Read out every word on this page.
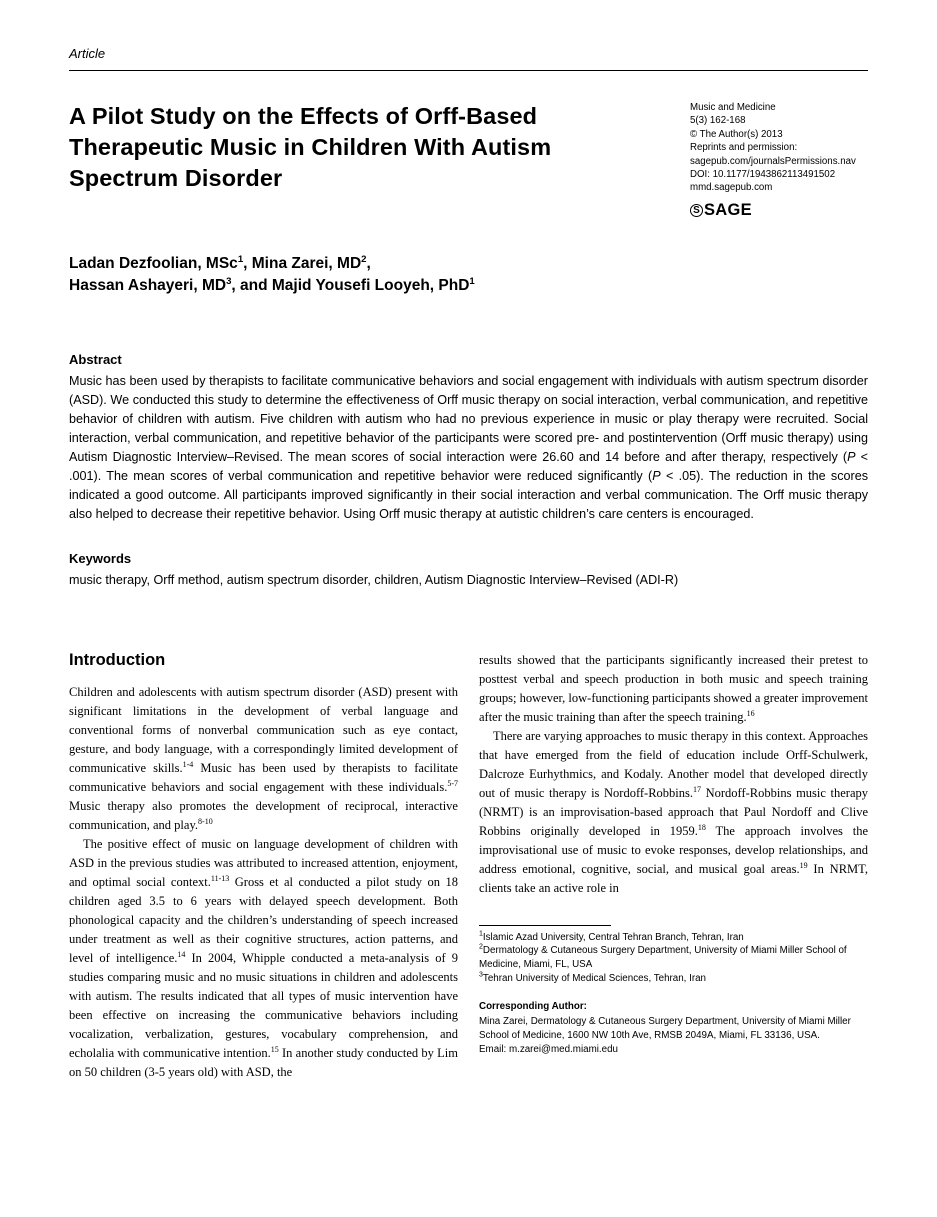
Article
A Pilot Study on the Effects of Orff-Based
Therapeutic Music in Children With Autism
Spectrum Disorder
Music and Medicine
5(3) 162-168
© The Author(s) 2013
Reprints and permission:
sagepub.com/journalsPermissions.nav
DOI: 10.1177/1943862113491502
mmd.sagepub.com
S SAGE
Ladan Dezfoolian, MSc$^1$, Mina Zarei, $MD^2$,
Hassan Ashayeri, $MD^3$, and Majid Yousefi Looyeh, PhD$^1$
Abstract

Music has been used by therapists to facilitate communicative behaviors and social engagement with individuals with autism spectrum disorder (ASD). We conducted this study to determine the effectiveness of Orff music therapy on social interaction, verbal communication, and repetitive behavior of children with autism. Five children with autism who had no previous experience in music or play therapy were recruited. Social interaction, verbal communication, and repetitive behavior of the participants were scored pre- and postintervention (Orff music therapy) using Autism Diagnostic Interview–Revised. The mean scores of social interaction were 26.60 and 14 before and after therapy, respectively (P < .001). The mean scores of verbal communication and repetitive behavior were reduced significantly (P < .05). The reduction in the scores indicated a good outcome. All participants improved significantly in their social interaction and verbal communication. The Orff music therapy also helped to decrease their repetitive behavior. Using Orff music therapy at autistic children’s care centers is encouraged.

Keywords

music therapy, Orff method, autism spectrum disorder, children, Autism Diagnostic Interview–Revised (ADI-R)

Introduction

Children and adolescents with autism spectrum disorder (ASD) present with significant limitations in the development of verbal language and conventional forms of nonverbal communication such as eye contact, gesture, and body language, with a correspondingly limited development of communicative skills.$^{1-4}$ Music has been used by therapists to facilitate communicative behaviors and social engagement with these individuals.$^{5-7}$ Music therapy also promotes the development of reciprocal, interactive communication, and play.$^{8-10}$

The positive effect of music on language development of children with ASD in the previous studies was attributed to increased attention, enjoyment, and optimal social context.$^{11-13}$ Gross et al conducted a pilot study on 18 children aged 3.5 to 6 years with delayed speech development. Both phonological capacity and the children’s understanding of speech increased under treatment as well as their cognitive structures, action patterns, and level of intelligence.$^{14}$ In 2004, Whipple conducted a meta-analysis of 9 studies comparing music and no music situations in children and adolescents with autism. The results indicated that all types of music intervention have been effective on increasing the communicative behaviors including vocalization, verbalization, gestures, vocabulary comprehension, and echolalia with communicative intention.$^{15}$ In another study conducted by Lim on 50 children (3-5 years old) with ASD, the

results showed that the participants significantly increased their pretest to posttest verbal and speech production in both music and speech training groups; however, low-functioning participants showed a greater improvement after the music training than after the speech training.$^{16}$

There are varying approaches to music therapy in this context. Approaches that have emerged from the field of education include Orff-Schulwerk, Dalcroze Eurhythmics, and Kodaly. Another model that developed directly out of music therapy is Nordoff-Robbins.$^{17}$ Nordoff-Robbins music therapy (NRMT) is an improvisation-based approach that Paul Nordoff and Clive Robbins originally developed in 1959.18 The approach involves the improvisational use of music to evoke responses, develop relationships, and address emotional, cognitive, social, and musical goal areas.$^{19}$ In NRMT, clients take an active role in

$^1$Islamic Azad University, Central Tehran Branch, Tehran, Iran

$^2$Dermatology & Cutaneous Surgery Department, University of Miami Miller School of Medicine, Miami, FL, USA

$^3$Tehran University of Medical Sciences, Tehran, Iran

Corresponding Author:

Mina Zarei, Dermatology & Cutaneous Surgery Department, University of Miami Miller School of Medicine, 1600 NW 10th Ave, RMSB 2049A, Miami, FL 33136, USA.

Email: m.zarei@med.miami.edu
